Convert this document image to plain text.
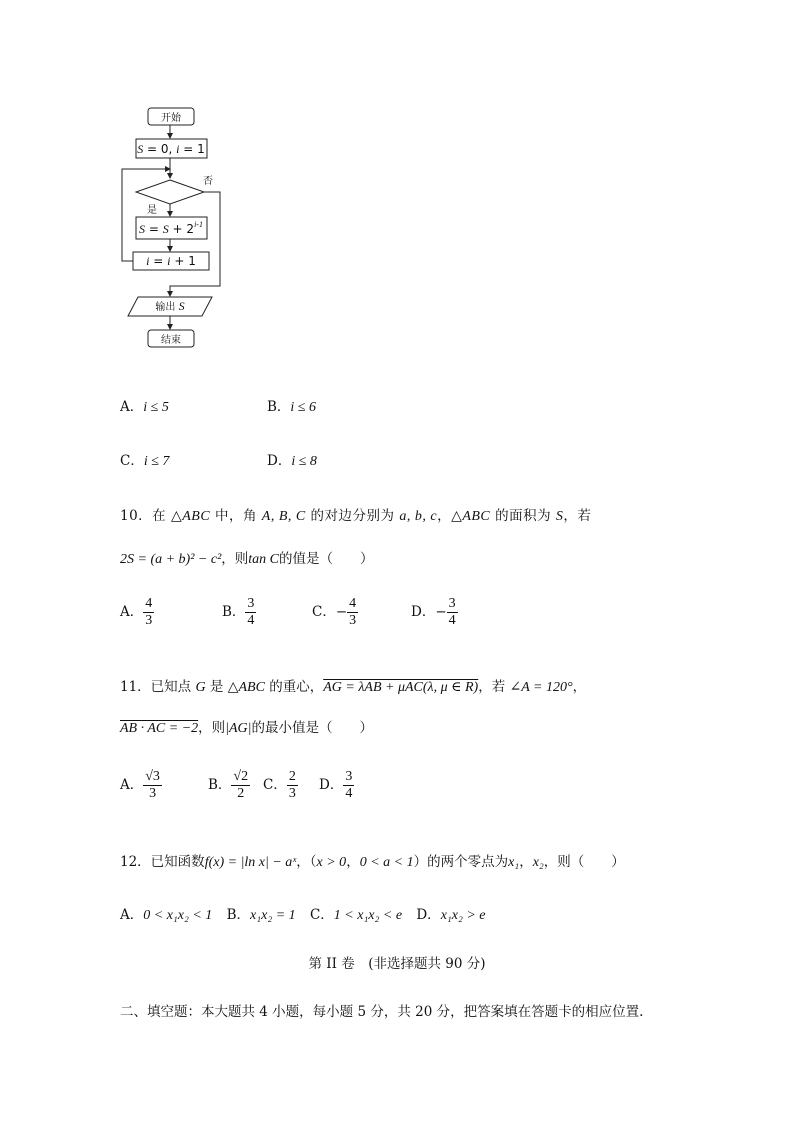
开始
S = 0, i = 1
否
是
$S = S + 2^{i-1}$
i = i + 1
输出 S
结束
A．i ≤ 5	B．i ≤ 6
C．i ≤ 7	D．i ≤ 8
10．在 △ABC 中，角 A, B, C 的对边分别为 a, b, c，△ABC 的面积为 S，若
2S = (a + b)² − c²，则tan C的值是（　　）
A． $\frac{4}{3}$	B． $\frac{3}{4}$	C．− $\frac{4}{3}$	D．− $\frac{3}{4}$
11．已知点 G 是 △ABC 的重心，AG = λAB + μAC(λ, μ ∈ R)，若 ∠A = 120°，
AB · AC = −2，则|AG|的最小值是（　　）
A． $\frac{√3}{3}$	B． $\frac{√2}{2}$ C． $\frac{2}{3}$ D． $\frac{3}{4}$
12．已知函数f(x) = |ln x| − aˣ，（x > 0，0 < a < 1）的两个零点为x₁，x₂，则（　　）
A．0 < x₁x₂ < 1 B．x₁x₂ = 1 C．1 < x₁x₂ < e D．x₁x₂ > e
第 II 卷　(非选择题共 90 分)
二、填空题：本大题共 4 小题，每小题 5 分，共 20 分，把答案填在答题卡的相应位置.
